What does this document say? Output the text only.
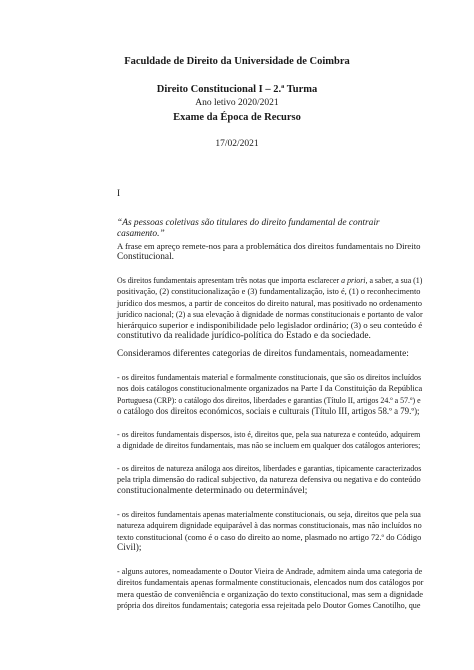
Faculdade de Direito da Universidade de Coimbra
Direito Constitucional I – 2.ª Turma
Ano letivo 2020/2021
Exame da Época de Recurso
17/02/2021
I
“As pessoas coletivas são titulares do direito fundamental de contrair casamento.”
A frase em apreço remete-nos para a problemática dos direitos fundamentais no Direito
Constitucional.
Os direitos fundamentais apresentam três notas que importa esclarecer a priori, a saber, a sua (1)
positivação, (2) constitucionalização e (3) fundamentalização, isto é, (1) o reconhecimento
jurídico dos mesmos, a partir de conceitos do direito natural, mas positivado no ordenamento
jurídico nacional; (2) a sua elevação à dignidade de normas constitucionais e portanto de valor
hierárquico superior e indisponibilidade pelo legislador ordinário; (3) o seu conteúdo é
constitutivo da realidade jurídico-política do Estado e da sociedade.
Consideramos diferentes categorias de direitos fundamentais, nomeadamente:
- os direitos fundamentais material e formalmente constitucionais, que são os direitos incluídos
nos dois catálogos constitucionalmente organizados na Parte I da Constituição da República
Portuguesa (CRP): o catálogo dos direitos, liberdades e garantias (Título II, artigos 24.º a 57.º) e
o catálogo dos direitos económicos, sociais e culturais (Título III, artigos 58.º a 79.º);
- os direitos fundamentais dispersos, isto é, direitos que, pela sua natureza e conteúdo, adquirem
a dignidade de direitos fundamentais, mas não se incluem em qualquer dos catálogos anteriores;
- os direitos de natureza análoga aos direitos, liberdades e garantias, tipicamente caracterizados
pela tripla dimensão do radical subjectivo, da natureza defensiva ou negativa e do conteúdo
constitucionalmente determinado ou determinável;
- os direitos fundamentais apenas materialmente constitucionais, ou seja, direitos que pela sua
natureza adquirem dignidade equiparável à das normas constitucionais, mas não incluídos no
texto constitucional (como é o caso do direito ao nome, plasmado no artigo 72.º do Código
Civil);
- alguns autores, nomeadamente o Doutor Vieira de Andrade, admitem ainda uma categoria de
direitos fundamentais apenas formalmente constitucionais, elencados num dos catálogos por
mera questão de conveniência e organização do texto constitucional, mas sem a dignidade
própria dos direitos fundamentais; categoria essa rejeitada pelo Doutor Gomes Canotilho, que
